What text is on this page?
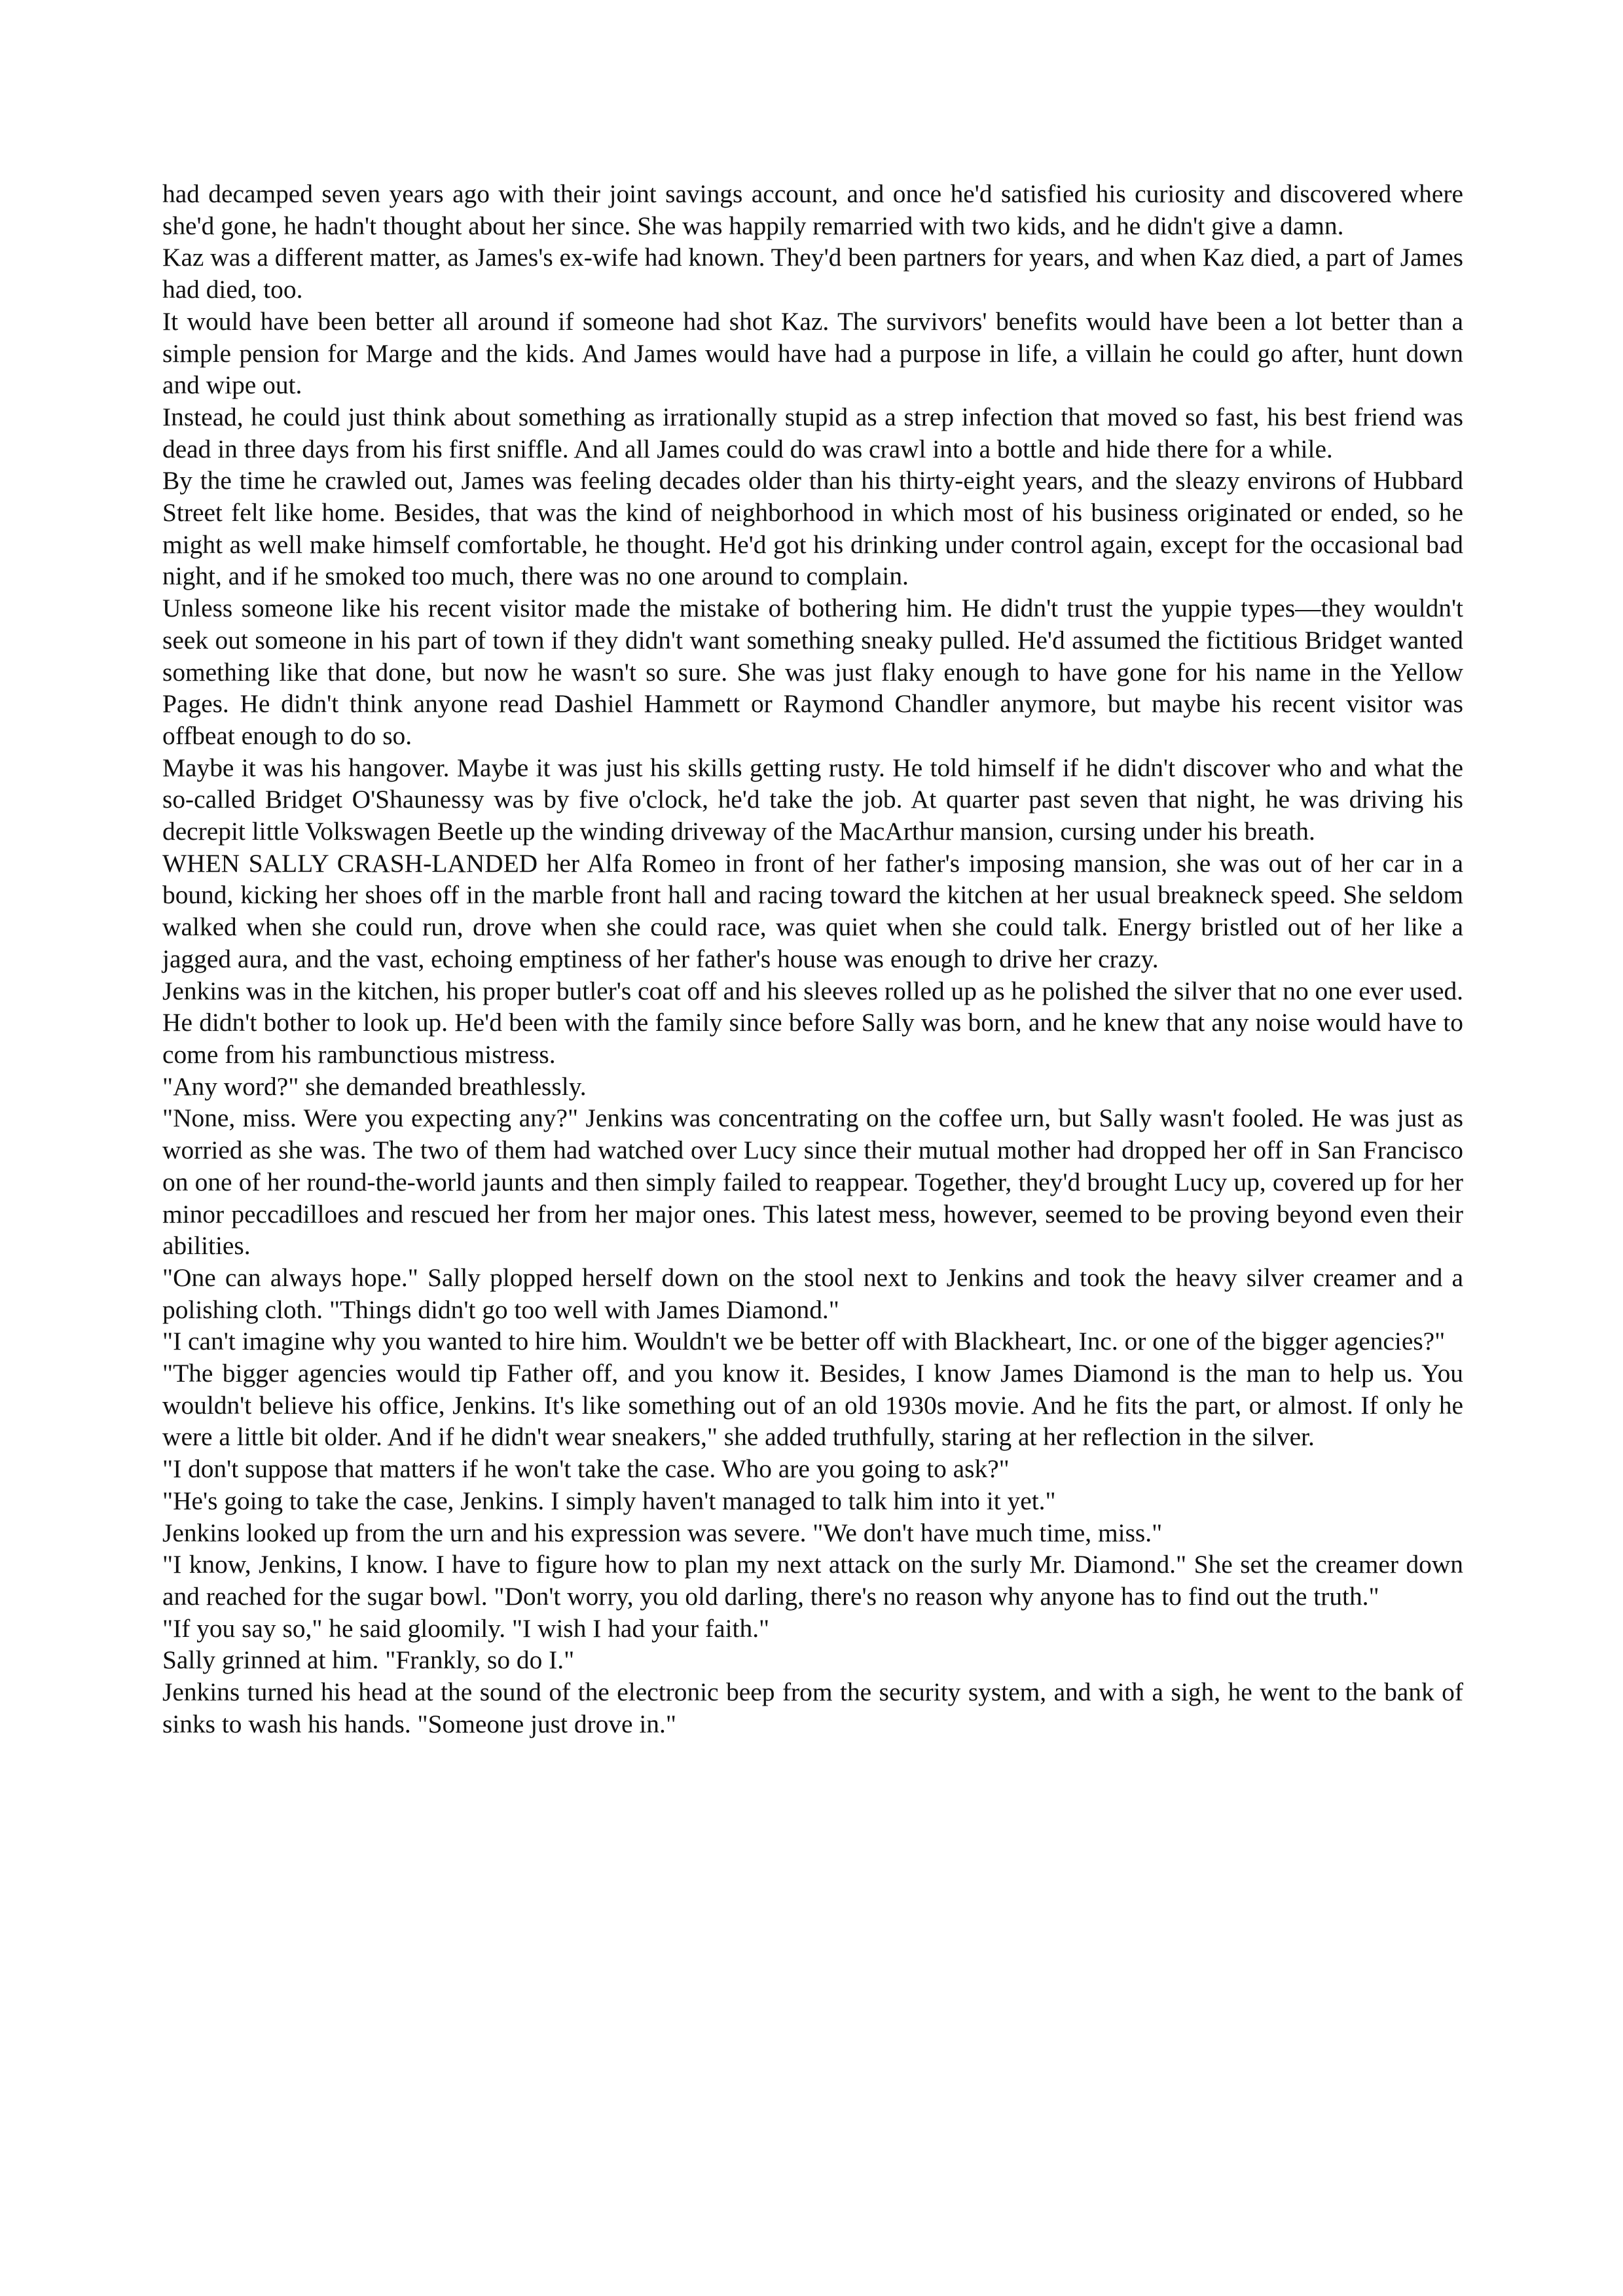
had decamped seven years ago with their joint savings account, and once he'd satisfied his curiosity and discovered where she'd gone, he hadn't thought about her since. She was happily remarried with two kids, and he didn't give a damn.

Kaz was a different matter, as James's ex-wife had known. They'd been partners for years, and when Kaz died, a part of James had died, too.

It would have been better all around if someone had shot Kaz. The survivors' benefits would have been a lot better than a simple pension for Marge and the kids. And James would have had a purpose in life, a villain he could go after, hunt down and wipe out.

Instead, he could just think about something as irrationally stupid as a strep infection that moved so fast, his best friend was dead in three days from his first sniffle. And all James could do was crawl into a bottle and hide there for a while.

By the time he crawled out, James was feeling decades older than his thirty-eight years, and the sleazy environs of Hubbard Street felt like home. Besides, that was the kind of neighborhood in which most of his business originated or ended, so he might as well make himself comfortable, he thought. He'd got his drinking under control again, except for the occasional bad night, and if he smoked too much, there was no one around to complain.

Unless someone like his recent visitor made the mistake of bothering him. He didn't trust the yuppie types—they wouldn't seek out someone in his part of town if they didn't want something sneaky pulled. He'd assumed the fictitious Bridget wanted something like that done, but now he wasn't so sure. She was just flaky enough to have gone for his name in the Yellow Pages. He didn't think anyone read Dashiel Hammett or Raymond Chandler anymore, but maybe his recent visitor was offbeat enough to do so.

Maybe it was his hangover. Maybe it was just his skills getting rusty. He told himself if he didn't discover who and what the so-called Bridget O'Shaunessy was by five o'clock, he'd take the job. At quarter past seven that night, he was driving his decrepit little Volkswagen Beetle up the winding driveway of the MacArthur mansion, cursing under his breath.

WHEN SALLY CRASH-LANDED her Alfa Romeo in front of her father's imposing mansion, she was out of her car in a bound, kicking her shoes off in the marble front hall and racing toward the kitchen at her usual breakneck speed. She seldom walked when she could run, drove when she could race, was quiet when she could talk. Energy bristled out of her like a jagged aura, and the vast, echoing emptiness of her father's house was enough to drive her crazy.

Jenkins was in the kitchen, his proper butler's coat off and his sleeves rolled up as he polished the silver that no one ever used. He didn't bother to look up. He'd been with the family since before Sally was born, and he knew that any noise would have to come from his rambunctious mistress.

"Any word?" she demanded breathlessly.

"None, miss. Were you expecting any?" Jenkins was concentrating on the coffee urn, but Sally wasn't fooled. He was just as worried as she was. The two of them had watched over Lucy since their mutual mother had dropped her off in San Francisco on one of her round-the-world jaunts and then simply failed to reappear. Together, they'd brought Lucy up, covered up for her minor peccadilloes and rescued her from her major ones. This latest mess, however, seemed to be proving beyond even their abilities.

"One can always hope." Sally plopped herself down on the stool next to Jenkins and took the heavy silver creamer and a polishing cloth. "Things didn't go too well with James Diamond."

"I can't imagine why you wanted to hire him. Wouldn't we be better off with Blackheart, Inc. or one of the bigger agencies?"

"The bigger agencies would tip Father off, and you know it. Besides, I know James Diamond is the man to help us. You wouldn't believe his office, Jenkins. It's like something out of an old 1930s movie. And he fits the part, or almost. If only he were a little bit older. And if he didn't wear sneakers," she added truthfully, staring at her reflection in the silver.

"I don't suppose that matters if he won't take the case. Who are you going to ask?"

"He's going to take the case, Jenkins. I simply haven't managed to talk him into it yet."

Jenkins looked up from the urn and his expression was severe. "We don't have much time, miss."

"I know, Jenkins, I know. I have to figure how to plan my next attack on the surly Mr. Diamond." She set the creamer down and reached for the sugar bowl. "Don't worry, you old darling, there's no reason why anyone has to find out the truth."

"If you say so," he said gloomily. "I wish I had your faith."

Sally grinned at him. "Frankly, so do I."

Jenkins turned his head at the sound of the electronic beep from the security system, and with a sigh, he went to the bank of sinks to wash his hands. "Someone just drove in."
